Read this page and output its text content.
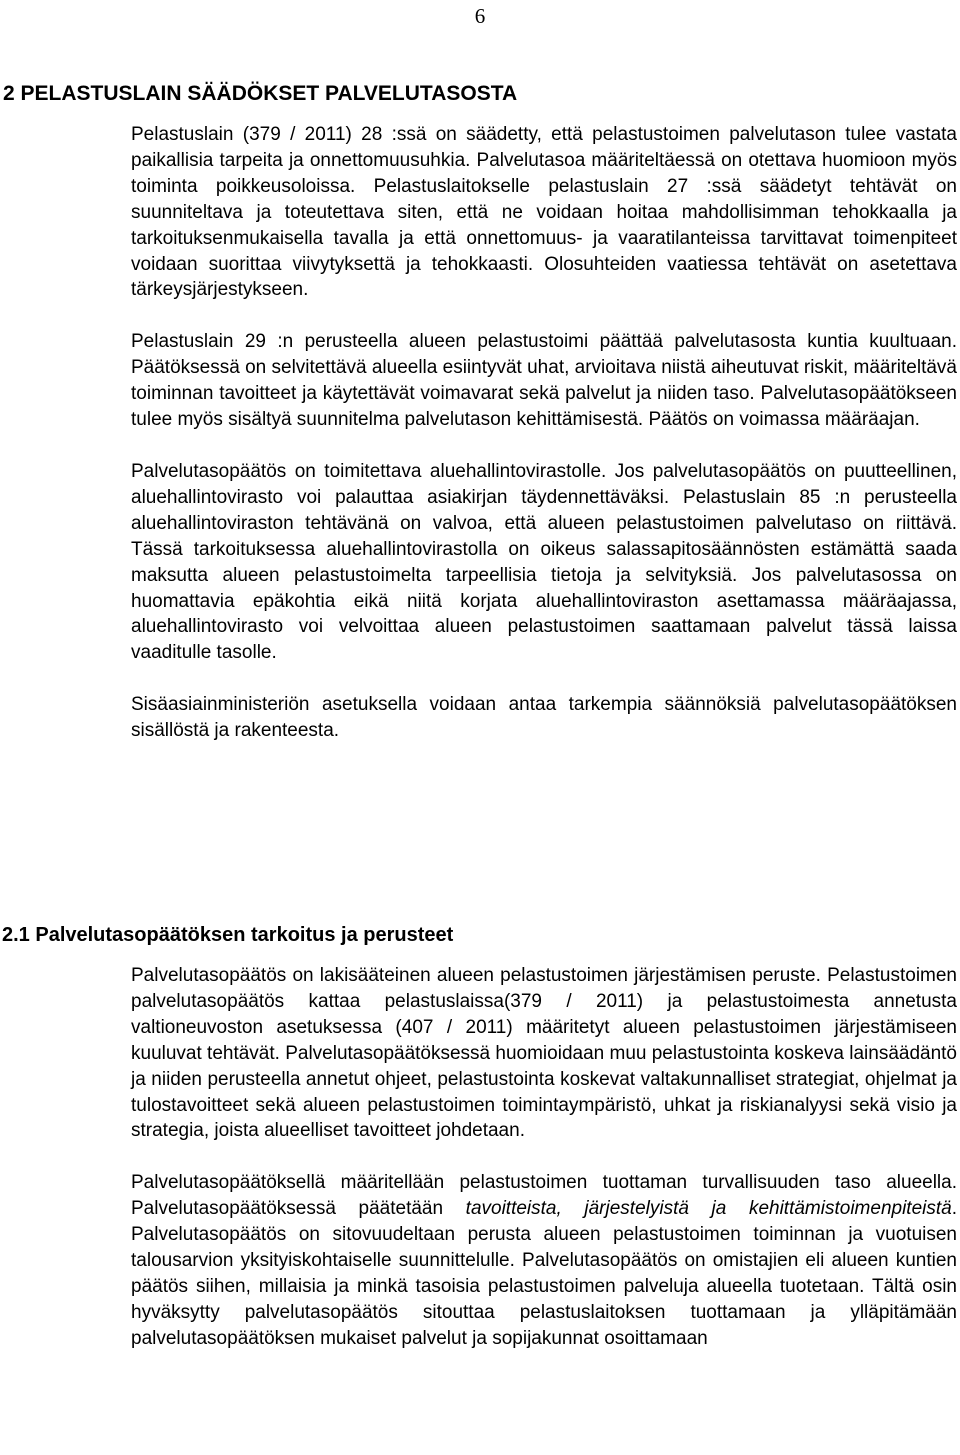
6
2 PELASTUSLAIN SÄÄDÖKSET PALVELUTASOSTA

Pelastuslain (379 / 2011) 28 :ssä on säädetty, että pelastustoimen palvelutason tulee vastata paikallisia tarpeita ja onnettomuusuhkia. Palvelutasoa määriteltäessä on otettava huomioon myös toiminta poikkeusoloissa. Pelastuslaitokselle pelastuslain 27 :ssä säädetyt tehtävät on suunniteltava ja toteutettava siten, että ne voidaan hoitaa mahdollisimman tehokkaalla ja tarkoituksenmukaisella tavalla ja että onnettomuus- ja vaaratilanteissa tarvittavat toimenpiteet voidaan suorittaa viivytyksettä ja tehokkaasti. Olosuhteiden vaatiessa tehtävät on asetettava tärkeysjärjestykseen.

Pelastuslain 29 :n perusteella alueen pelastustoimi päättää palvelutasosta kuntia kuultuaan. Päätöksessä on selvitettävä alueella esiintyvät uhat, arvioitava niistä aiheutuvat riskit, määriteltävä toiminnan tavoitteet ja käytettävät voimavarat sekä palvelut ja niiden taso. Palvelutasopäätökseen tulee myös sisältyä suunnitelma palvelutason kehittämisestä. Päätös on voimassa määräajan.

Palvelutasopäätös on toimitettava aluehallintovirastolle. Jos palvelutasopäätös on puutteellinen, aluehallintovirasto voi palauttaa asiakirjan täydennettäväksi. Pelastuslain 85 :n perusteella aluehallintoviraston tehtävänä on valvoa, että alueen pelastustoimen palvelutaso on riittävä. Tässä tarkoituksessa aluehallintovirastolla on oikeus salassapitosäännösten estämättä saada maksutta alueen pelastustoimelta tarpeellisia tietoja ja selvityksiä. Jos palvelutasossa on huomattavia epäkohtia eikä niitä korjata aluehallintoviraston asettamassa määräajassa, aluehallintovirasto voi velvoittaa alueen pelastustoimen saattamaan palvelut tässä laissa vaaditulle tasolle.

Sisäasiainministeriön asetuksella voidaan antaa tarkempia säännöksiä palvelutasopäätöksen sisällöstä ja rakenteesta.

2.1 Palvelutasopäätöksen tarkoitus ja perusteet

Palvelutasopäätös on lakisääteinen alueen pelastustoimen järjestämisen peruste. Pelastustoimen palvelutasopäätös kattaa pelastuslaissa(379 / 2011) ja pelastustoimesta annetusta valtioneuvoston asetuksessa (407 / 2011) määritetyt alueen pelastustoimen järjestämiseen kuuluvat tehtävät. Palvelutasopäätöksessä huomioidaan muu pelastustointa koskeva lainsäädäntö ja niiden perusteella annetut ohjeet, pelastustointa koskevat valtakunnalliset strategiat, ohjelmat ja tulostavoitteet sekä alueen pelastustoimen toimintaympäristö, uhkat ja riskianalyysi sekä visio ja strategia, joista alueelliset tavoitteet johdetaan.

Palvelutasopäätöksellä määritellään pelastustoimen tuottaman turvallisuuden taso alueella. Palvelutasopäätöksessä päätetään tavoitteista, järjestelyistä ja kehittämistoimenpiteistä. Palvelutasopäätös on sitovuudeltaan perusta alueen pelastustoimen toiminnan ja vuotuisen talousarvion yksityiskohtaiselle suunnittelulle. Palvelutasopäätös on omistajien eli alueen kuntien päätös siihen, millaisia ja minkä tasoisia pelastustoimen palveluja alueella tuotetaan. Tältä osin hyväksytty palvelutasopäätös sitouttaa pelastuslaitoksen tuottamaan ja ylläpitämään palvelutasopäätöksen mukaiset palvelut ja sopijakunnat osoittamaan
